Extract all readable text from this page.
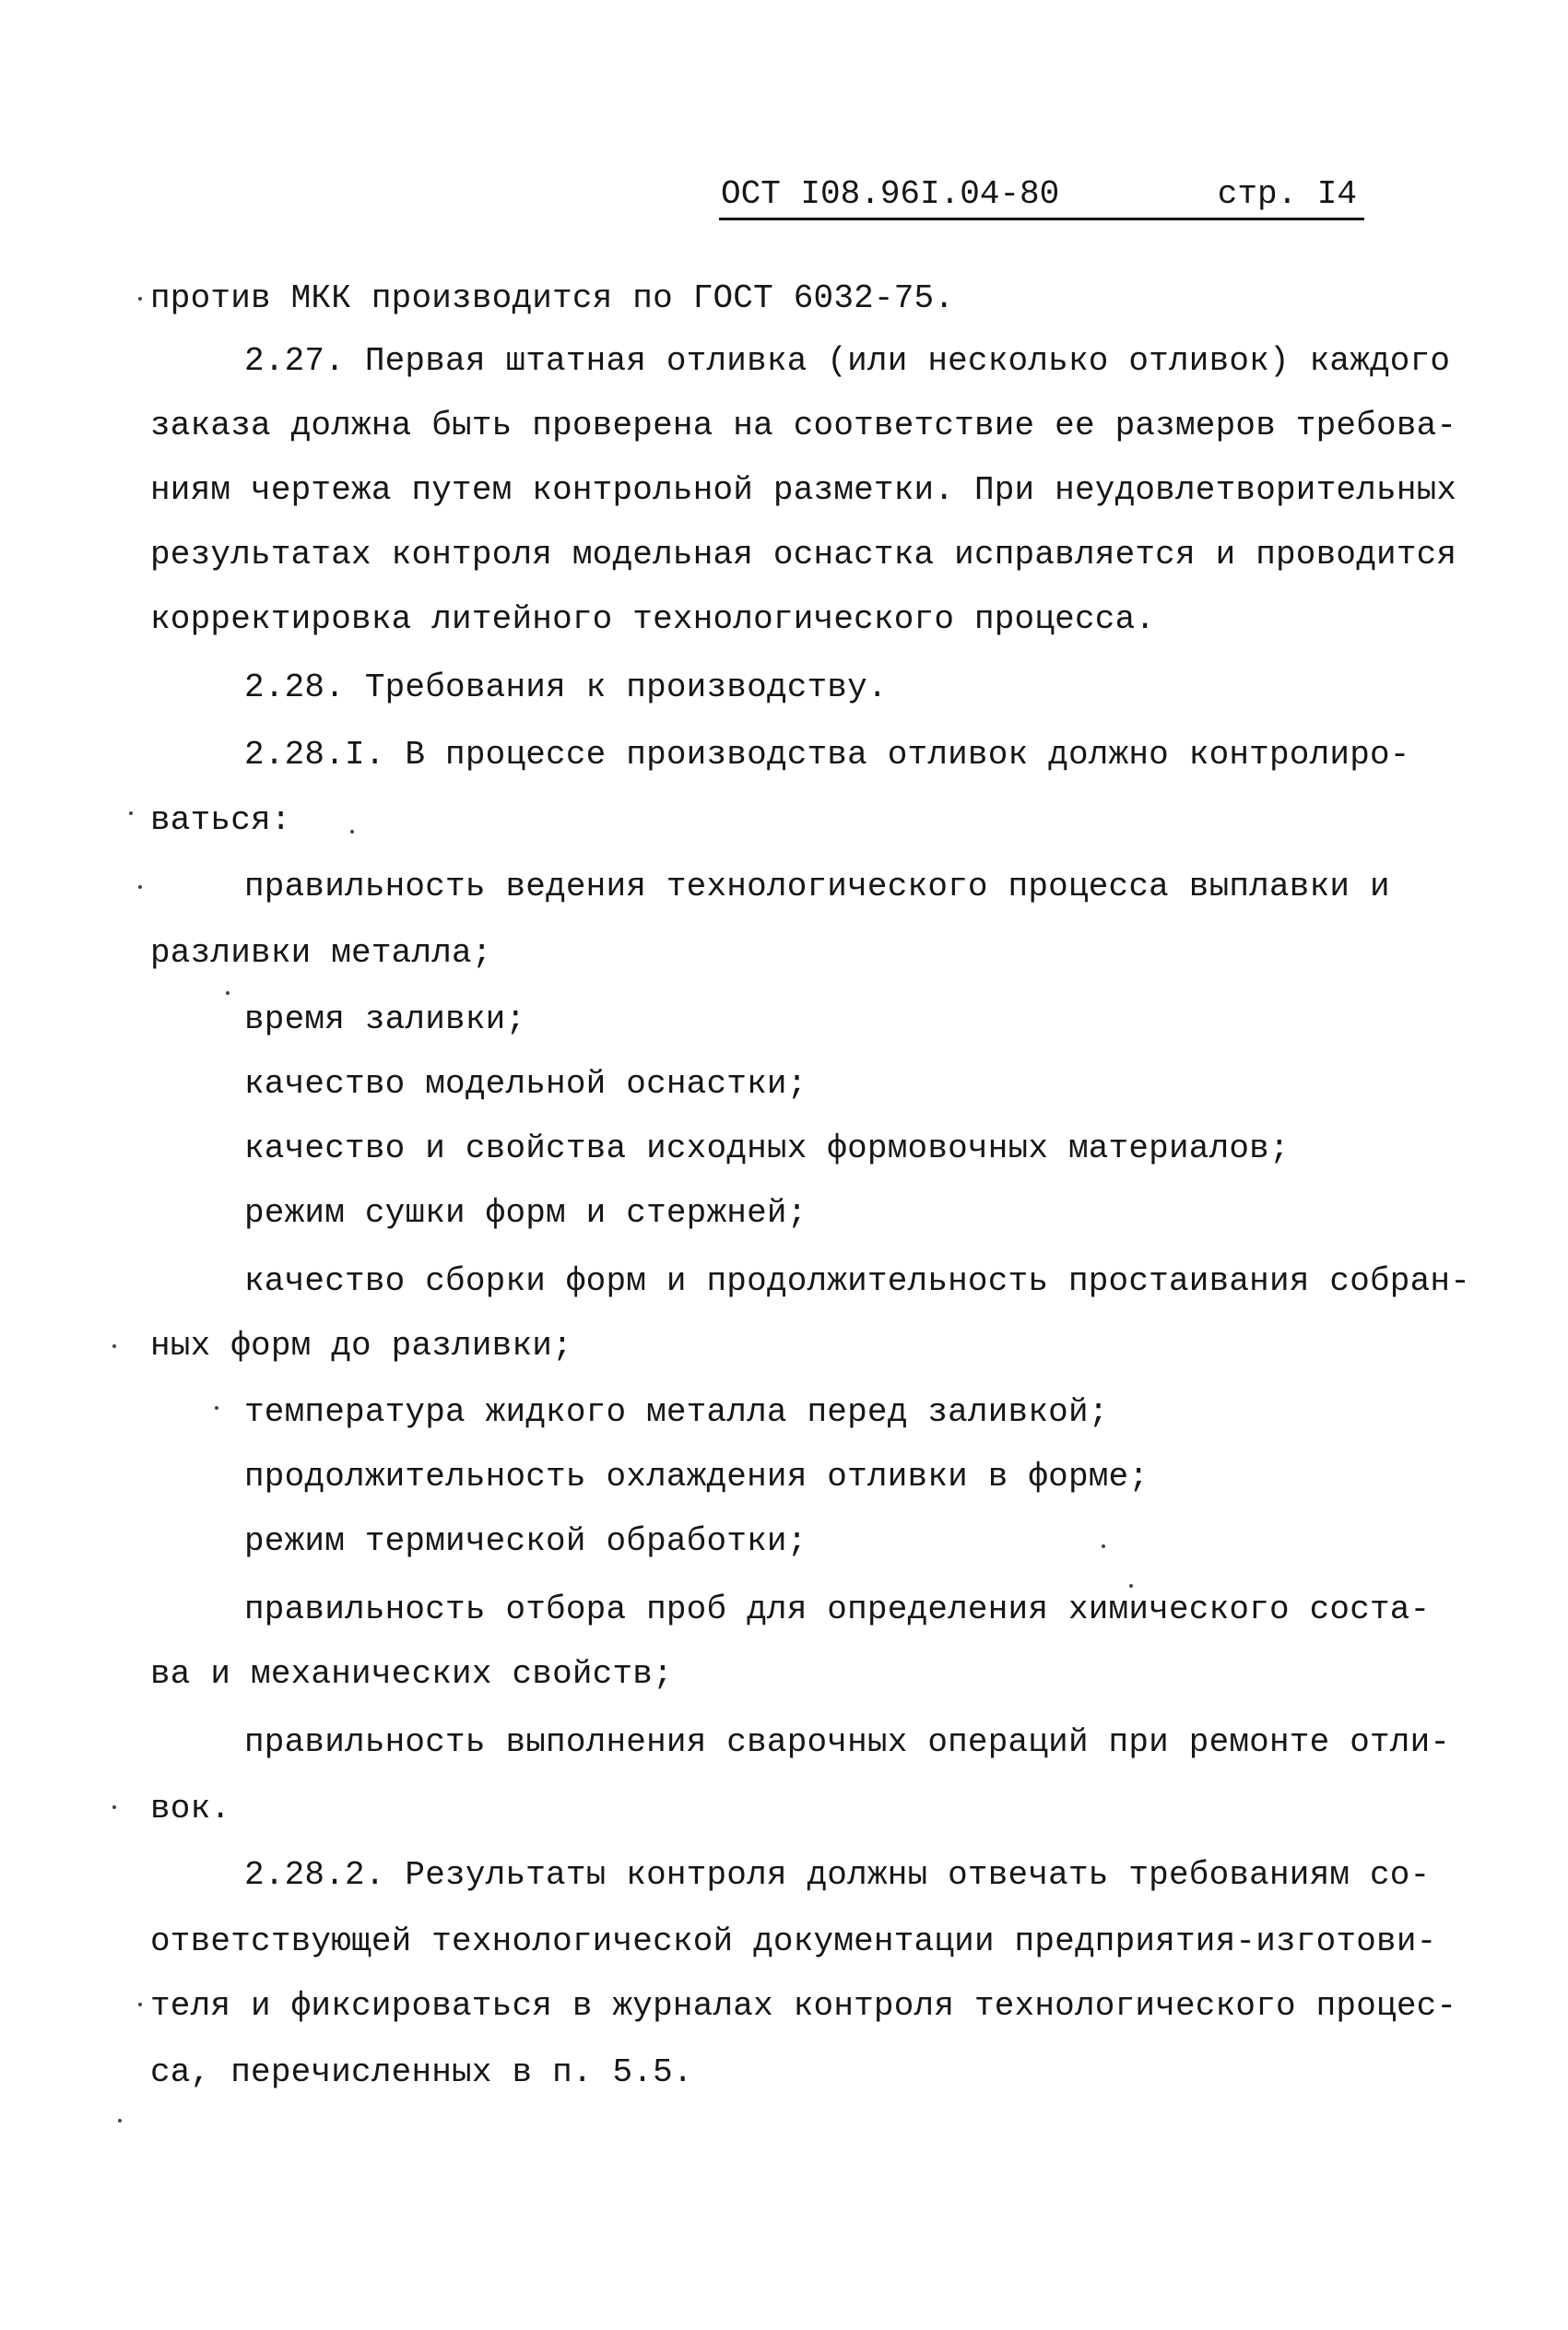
ОСТ I08.96I.04-80	стр. I4
против МКК производится по ГОСТ 6032-75.
2.27. Первая штатная отливка (или несколько отливок) каждого
заказа должна быть проверена на соответствие ее размеров требова-
ниям чертежа путем контрольной разметки. При неудовлетворительных
результатах контроля модельная оснастка исправляется и проводится
корректировка литейного технологического процесса.
2.28. Требования к производству.
2.28.I. В процессе производства отливок должно контролиро-
ваться:
правильность ведения технологического процесса выплавки и
разливки металла;
время заливки;
качество модельной оснастки;
качество и свойства исходных формовочных материалов;
режим сушки форм и стержней;
качество сборки форм и продолжительность простаивания собран-
ных форм до разливки;
температура жидкого металла перед заливкой;
продолжительность охлаждения отливки в форме;
режим термической обработки;
правильность отбора проб для определения химического соста-
ва и механических свойств;
правильность выполнения сварочных операций при ремонте отли-
вок.
2.28.2. Результаты контроля должны отвечать требованиям со-
ответствующей технологической документации предприятия-изготови-
теля и фиксироваться в журналах контроля технологического процес-
са, перечисленных в п. 5.5.
